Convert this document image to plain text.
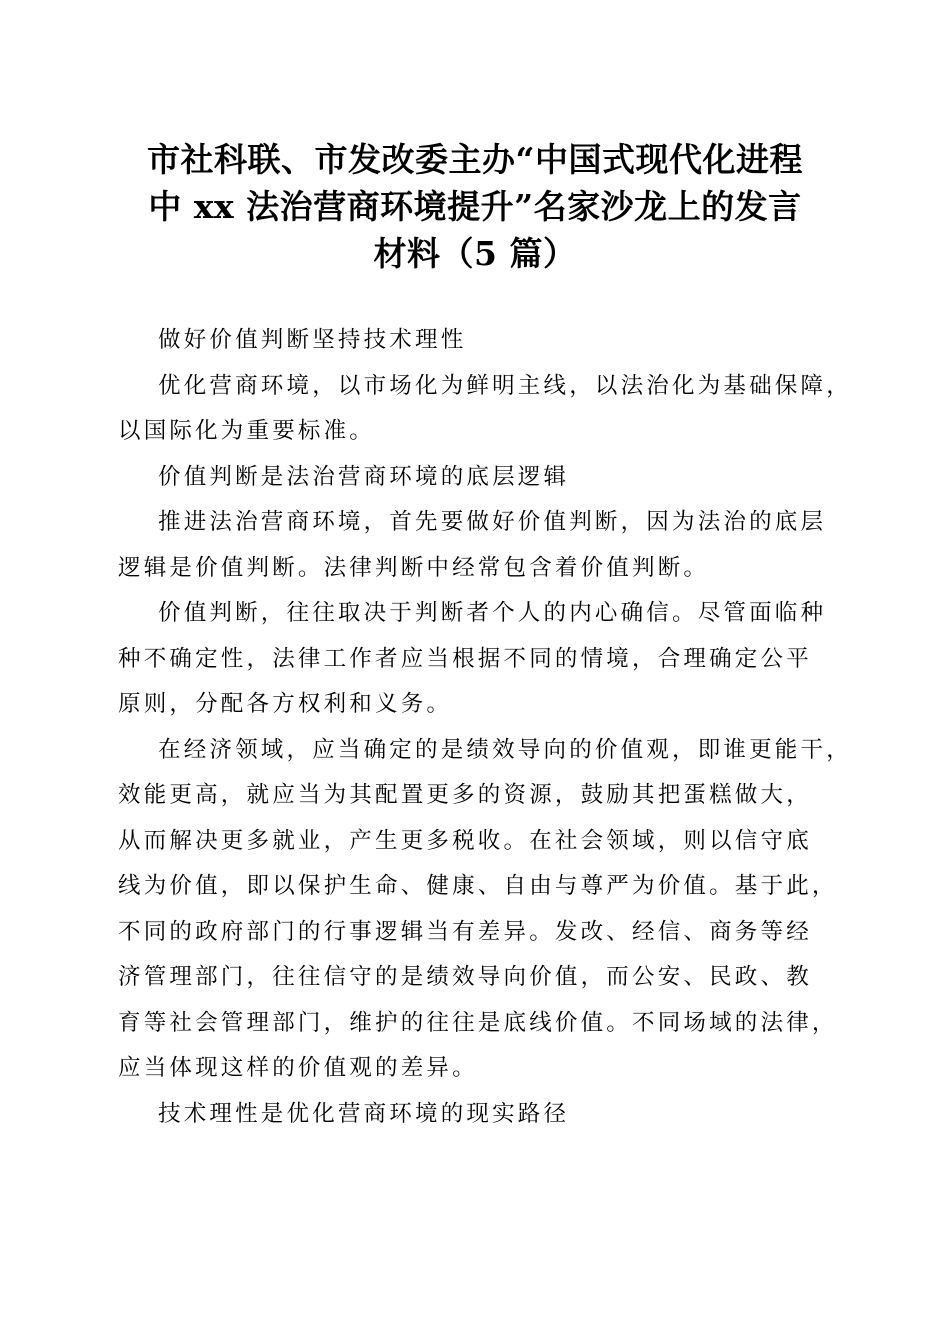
市社科联、市发改委主办“中国式现代化进程
中 xx 法治营商环境提升”名家沙龙上的发言
材料（5 篇）

做好价值判断坚持技术理性

优化营商环境，以市场化为鲜明主线，以法治化为基础保障，
以国际化为重要标准。

价值判断是法治营商环境的底层逻辑

推进法治营商环境，首先要做好价值判断，因为法治的底层
逻辑是价值判断。法律判断中经常包含着价值判断。

价值判断，往往取决于判断者个人的内心确信。尽管面临种
种不确定性，法律工作者应当根据不同的情境，合理确定公平
原则，分配各方权利和义务。

在经济领域，应当确定的是绩效导向的价值观，即谁更能干，
效能更高，就应当为其配置更多的资源，鼓励其把蛋糕做大，
从而解决更多就业，产生更多税收。在社会领域，则以信守底
线为价值，即以保护生命、健康、自由与尊严为价值。基于此，
不同的政府部门的行事逻辑当有差异。发改、经信、商务等经
济管理部门，往往信守的是绩效导向价值，而公安、民政、教
育等社会管理部门，维护的往往是底线价值。不同场域的法律，
应当体现这样的价值观的差异。

技术理性是优化营商环境的现实路径
